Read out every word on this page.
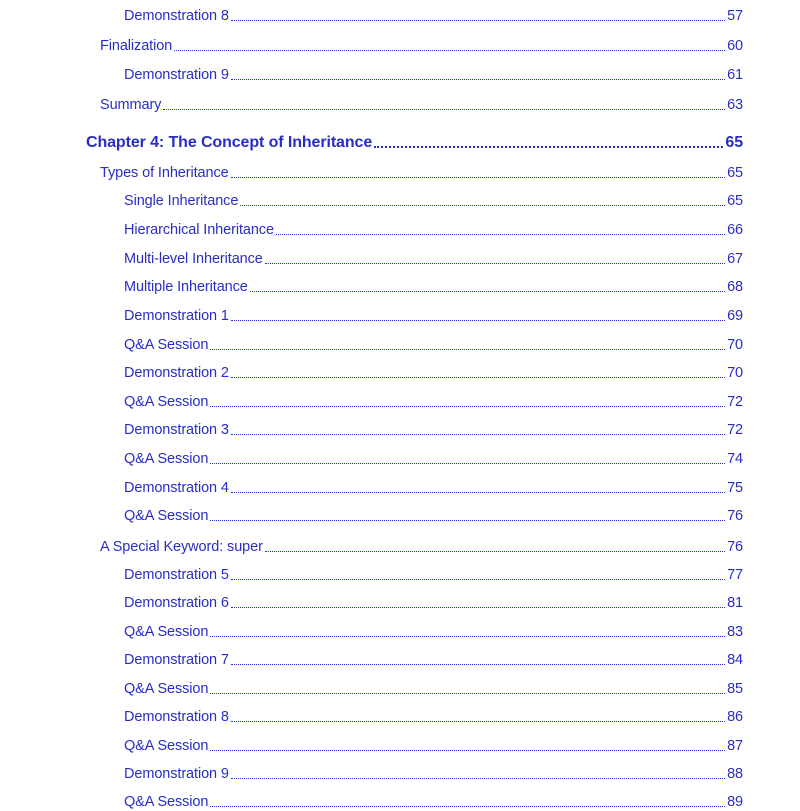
Demonstration 8	57
Finalization	60
Demonstration 9	61
Summary	63
Chapter 4: The Concept of Inheritance	65
Types of Inheritance	65
Single Inheritance	65
Hierarchical Inheritance	66
Multi-level Inheritance	67
Multiple Inheritance	68
Demonstration 1	69
Q&A Session	70
Demonstration 2	70
Q&A Session	72
Demonstration 3	72
Q&A Session	74
Demonstration 4	75
Q&A Session	76
A Special Keyword: super	76
Demonstration 5	77
Demonstration 6	81
Q&A Session	83
Demonstration 7	84
Q&A Session	85
Demonstration 8	86
Q&A Session	87
Demonstration 9	88
Q&A Session	89
